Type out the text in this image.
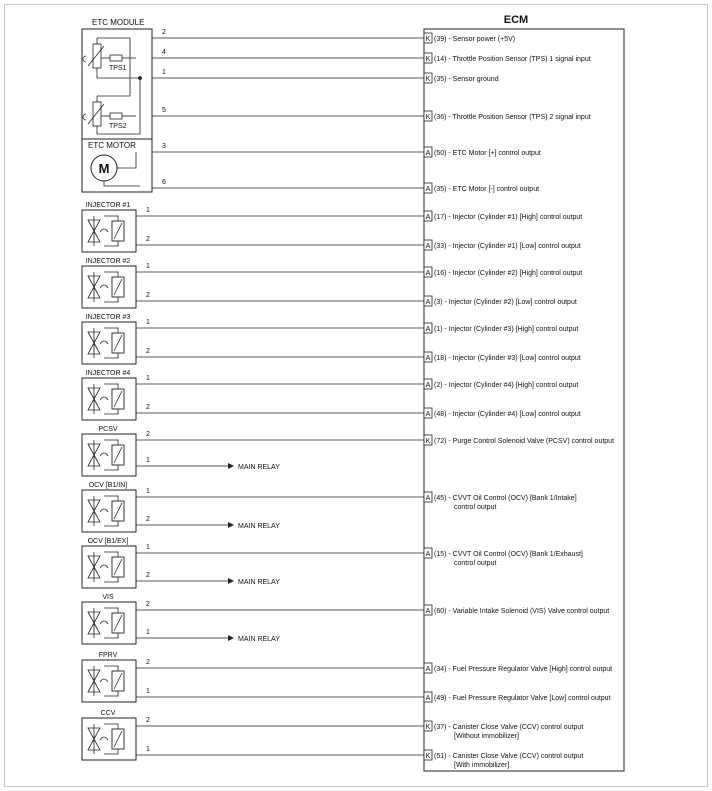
ECM
ETC MODULE
TPS1
TPS2
ETC MOTOR
M
2
K (39) - Sensor power (+5V)
4
K (14) - Throttle Position Sensor (TPS) 1 signal input
1
K (35) - Sensor ground
5
K (36) - Throttle Position Sensor (TPS) 2 signal input
3
A (50) - ETC Motor [+] control output
6
A (35) - ETC Motor [-] control output
1
A (17) - Injector (Cylinder #1) [High] control output
2
A (33) - Injector (Cylinder #1) [Low] control output
1
A (16) - Injector (Cylinder #2) [High] control output
2
A (3) - Injector (Cylinder #2) [Low] control output
1
A (1) - Injector (Cylinder #3) [High] control output
2
A (18) - Injector (Cylinder #3) [Low] control output
1
A (2) - Injector (Cylinder #4) [High] control output
2
A (48) - Injector (Cylinder #4) [Low] control output
2
K (72) - Purge Control Solenoid Valve (PCSV) control output
1
A (45) - CVVT Oil Control (OCV) [Bank 1/Intake]
control output
1
A (15) - CVVT Oil Control (OCV) [Bank 1/Exhaust]
control output
2
A (60) - Variable Intake Solenoid (VIS) Valve control output
2
A (34) - Fuel Pressure Regulator Valve [High] control output
1
A (49) - Fuel Pressure Regulator Valve [Low] control output
2
K (37) - Canister Close Valve (CCV) control output
[Without immobilizer]
1
K (51) - Canister Close Valve (CCV) control output
[With immobilizer]
INJECTOR #1
INJECTOR #2
INJECTOR #3
INJECTOR #4
PCSV
1
MAIN RELAY
OCV [B1/IN]
2
MAIN RELAY
OCV [B1/EX]
2
MAIN RELAY
VIS
1
MAIN RELAY
FPRV
CCV
